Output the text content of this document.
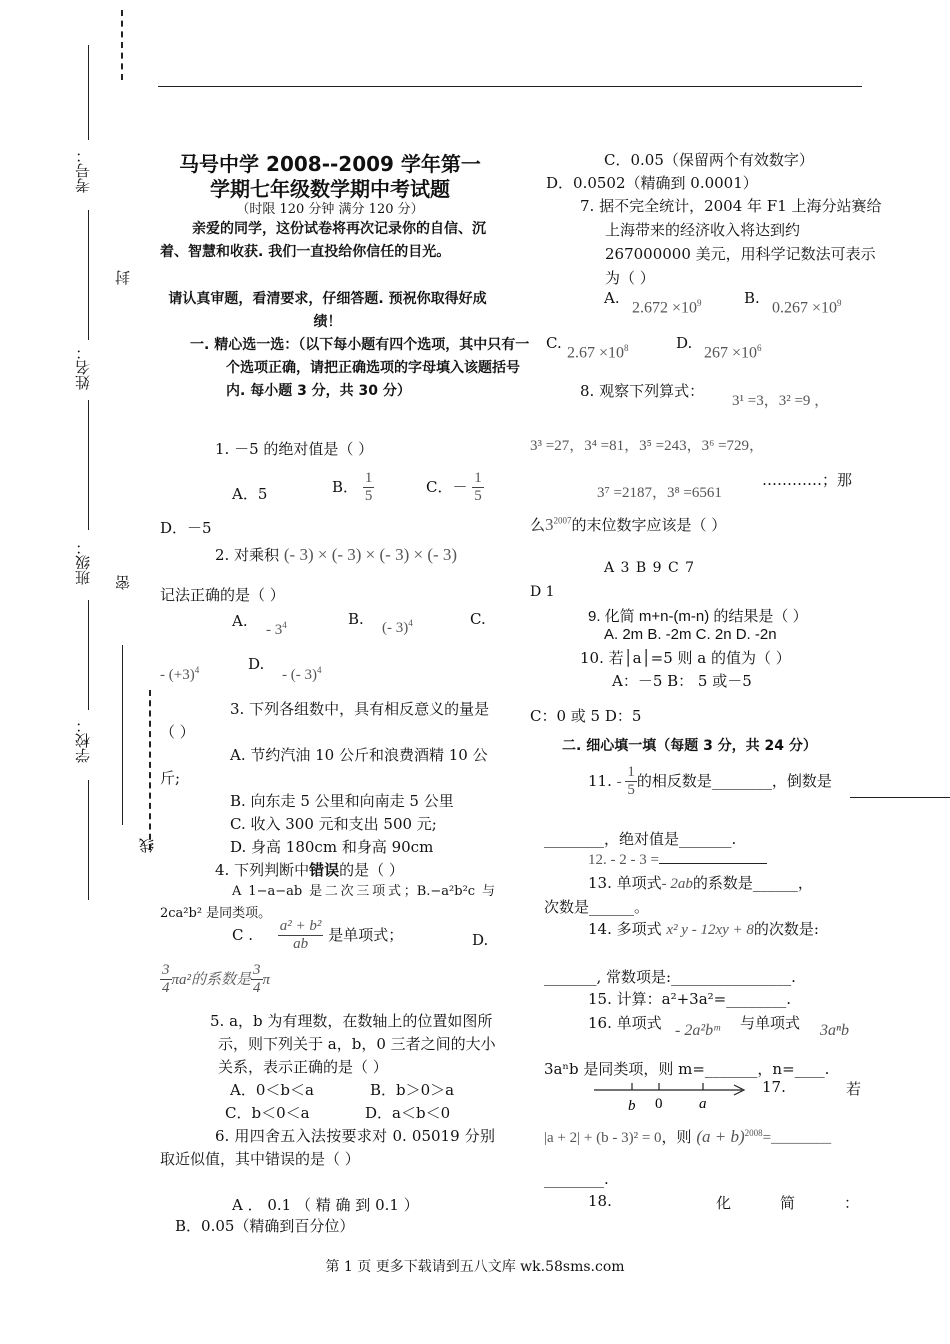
考号：
封
姓名：
班级： 密
学校：
线
马号中学 2008--2009 学年第一
学期七年级数学期中考试题
（时限 120 分钟 满分 120 分）
亲爱的同学，这份试卷将再次记录你的自信、沉着、智慧和收获. 我们一直投给你信任的目光。
请认真审题，看清要求，仔细答题. 预祝你取得好成绩！
一. 精心选一选：（以下每小题有四个选项，其中只有一个选项正确，请把正确选项的字母填入该题括号内. 每小题 3 分，共 30 分）
1. －5 的绝对值是（ ）
A．5	B． $\frac{1}{5}$	C．－ $\frac{1}{5}$
D．－5
2. 对乘积 (- 3) × (- 3) × (- 3) × (- 3)
记法正确的是（ ）
A. - $3^4$	B. (- 3)$^4$	C.
- $(+3)^4$	D.
- (- 3)$^4$
3. 下列各组数中，具有相反意义的量是（ ）
A. 节约汽油 10 公斤和浪费酒精 10 公斤;
B. 向东走 5 公里和向南走 5 公里
C. 收入 300 元和支出 500 元;
D. 身高 180cm 和身高 90cm
4. 下列判断中错误的是（ ）
A 1−a−ab 是二次三项式；B.−a²b²c 与 2ca²b² 是同类项。
C . $\frac{\text{a² + b²}}{ab}$ 是单项式；	D.
$\frac{3}{4} \pi a^2$的系数是 $\frac{3}{4}$ π
5. a，b 为有理数，在数轴上的位置如图所示，则下列关于 a，b，0 三者之间的大小关系，表示正确的是（ ）
A．0＜b＜a	B．b＞0＞a
C．b＜0＜a	D．a＜b＜0
6. 用四舍五入法按要求对 0. 05019 分别取近似值，其中错误的是（ ）
A ． 0.1 （ 精 确 到 0.1 ）
B．0.05（精确到百分位）
C．0.05（保留两个有效数字）
D．0.0502（精确到 0.0001）
7. 据不完全统计，2004 年 F1 上海分站赛给上海带来的经济收入将达到约 267000000 美元，用科学记数法可表示为（ ）
A.
$2.672 \times 10^9$	B.
$0.267 \times 10^9$
C.
$2.67 \times 10^8$	D.
$267 \times 10^6$
8. 观察下列算式：
3¹ =3，3² =9 ，
3³ =27，3⁴ =81，3⁵ =243，3⁶ =729，
3⁷ =2187，3⁸ =6561
…………；那
么$3^{2007}$的末位数字应该是（ ）
A 3 B 9 C 7
D 1
9. 化简 m+n-(m-n) 的结果是（ ）
A. 2m B. -2m C. 2n D. -2n
10. 若│a│=5 则 a 的值为（ ）
A：－5 B： 5 或－5
C：0 或 5 D：5
二. 细心填一填（每题 3 分，共 24 分）
11. - $\frac{1}{5}$ 的相反数是________，倒数是
________，绝对值是_______.
12. - 2 - 3 =
13. 单项式- 2ab的系数是______，
次数是______。
14. 多项式 x² y - 12xy + 8的次数是:
_______, 常数项是:________________.
15. 计算：a²+3a²=________.
16. 单项式 - 2a²bᵐ 与单项式 3aⁿb
3aⁿb 是同类项，则 m=_______，n=____.
b 0 a
17.	若
|a + 2| + (b - 3)² = 0，则 $(a + b)^{2008}=\_\_\_\_\_\_\_\_$
________.
18.	化	简	：
第 1 页 更多下载请到五八文库 wk.58sms.com
